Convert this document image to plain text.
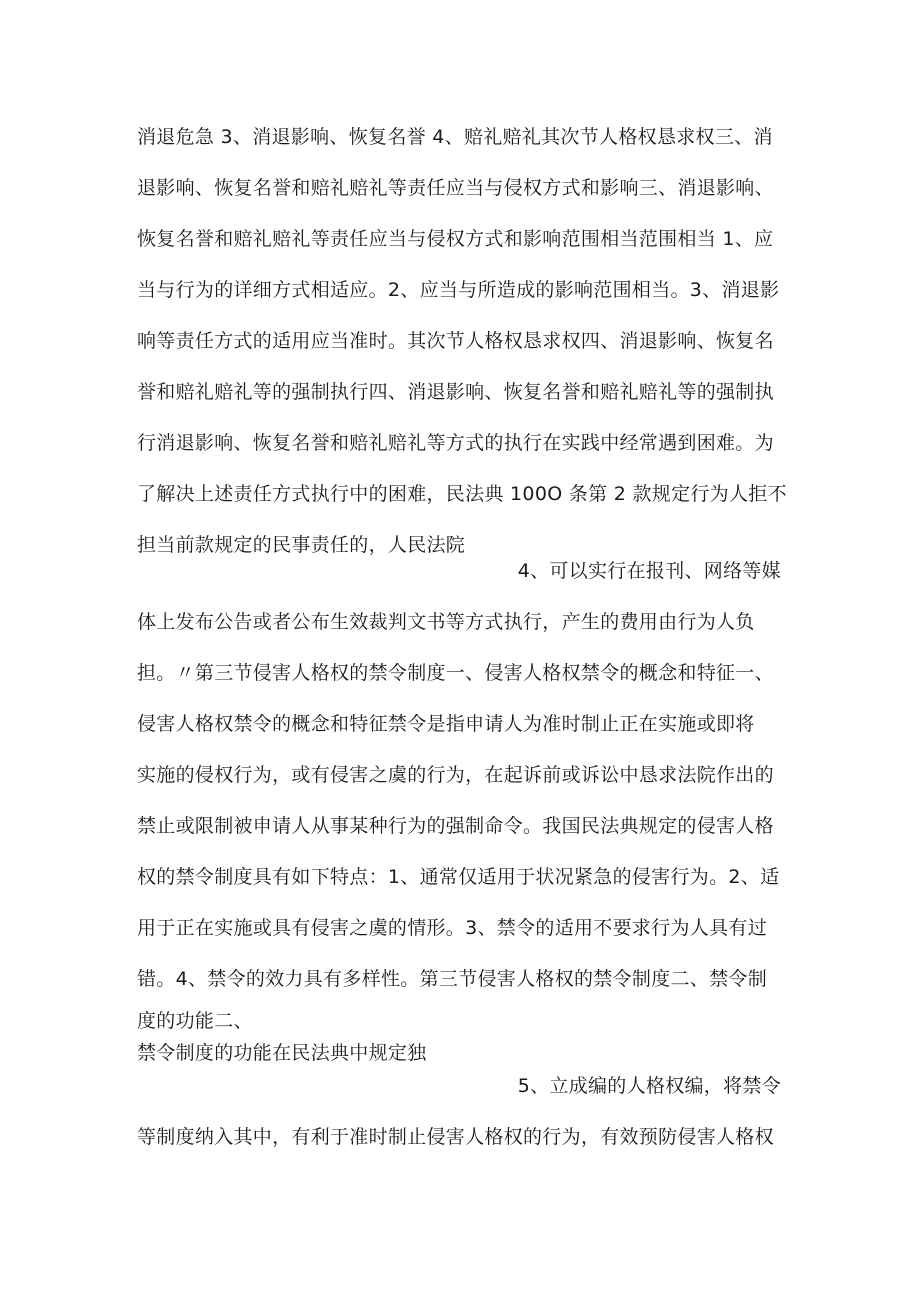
消退危急 3、消退影响、恢复名誉 4、赔礼赔礼其次节人格权恳求权三、消
退影响、恢复名誉和赔礼赔礼等责任应当与侵权方式和影响三、消退影响、
恢复名誉和赔礼赔礼等责任应当与侵权方式和影响范围相当范围相当 1、应
当与行为的详细方式相适应。2、应当与所造成的影响范围相当。3、消退影
响等责任方式的适用应当准时。其次节人格权恳求权四、消退影响、恢复名
誉和赔礼赔礼等的强制执行四、消退影响、恢复名誉和赔礼赔礼等的强制执
行消退影响、恢复名誉和赔礼赔礼等方式的执行在实践中经常遇到困难。为
了解决上述责任方式执行中的困难，民法典 100O 条第 2 款规定行为人拒不
担当前款规定的民事责任的，人民法院
4、可以实行在报刊、网络等媒
体上发布公告或者公布生效裁判文书等方式执行，产生的费用由行为人负
担。〃第三节侵害人格权的禁令制度一、侵害人格权禁令的概念和特征一、
侵害人格权禁令的概念和特征禁令是指申请人为准时制止正在实施或即将
实施的侵权行为，或有侵害之虞的行为，在起诉前或诉讼中恳求法院作出的
禁止或限制被申请人从事某种行为的强制命令。我国民法典规定的侵害人格
权的禁令制度具有如下特点：1、通常仅适用于状况紧急的侵害行为。2、适
用于正在实施或具有侵害之虞的情形。3、禁令的适用不要求行为人具有过
错。4、禁令的效力具有多样性。第三节侵害人格权的禁令制度二、禁令制
度的功能二、
禁令制度的功能在民法典中规定独
5、立成编的人格权编，将禁令
等制度纳入其中，有利于准时制止侵害人格权的行为，有效预防侵害人格权
